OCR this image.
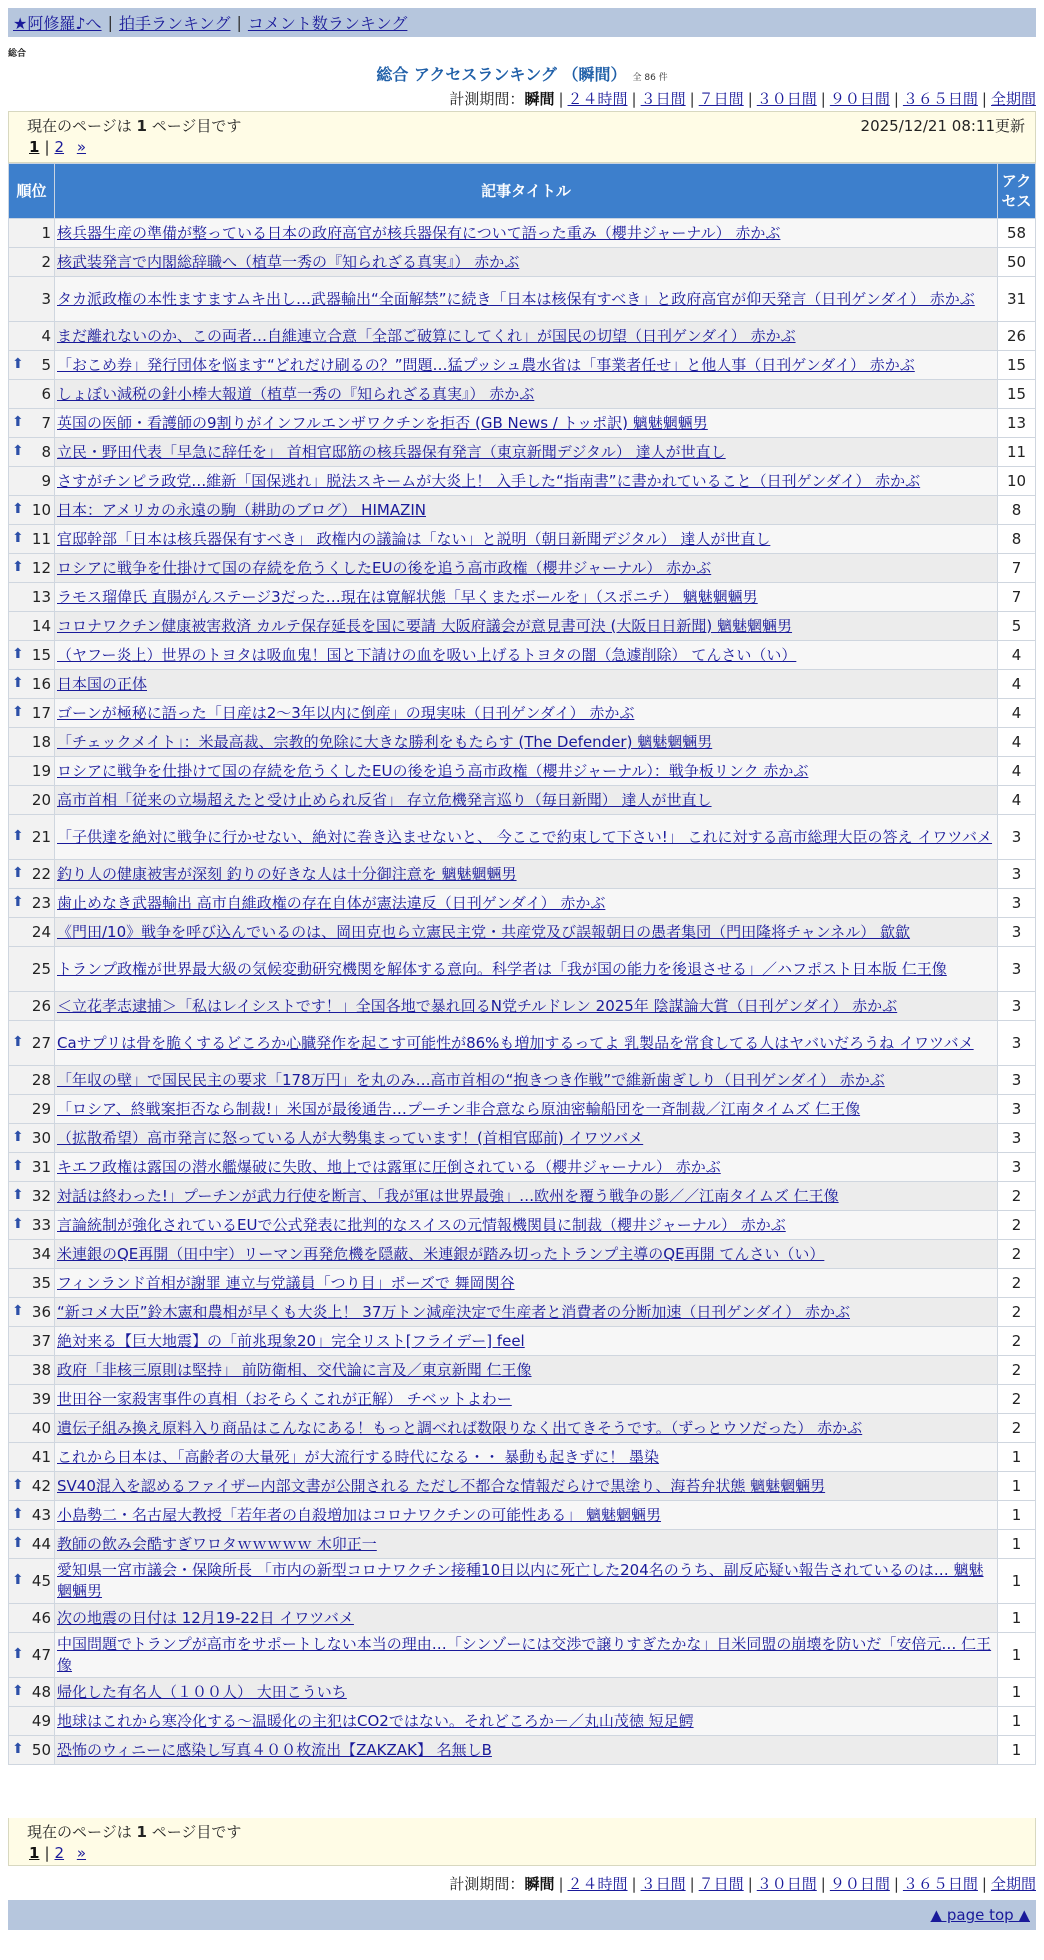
★阿修羅♪へ | 拍手ランキング | コメント数ランキング
総合
総合 アクセスランキング （瞬間） 全 86 件
計測期間：瞬間 | ２４時間 | ３日間 | ７日間 | ３０日間 | ９０日間 | ３６５日間 | 全期間
現在のページは 1 ページ目です	2025/12/21 08:11更新
1 | 2 »
順位	記事タイトル	アクセス
1	核兵器生産の準備が整っている日本の政府高官が核兵器保有について語った重み（櫻井ジャーナル） 赤かぶ	58
2	核武装発言で内閣総辞職へ（植草一秀の『知られざる真実』） 赤かぶ	50
3	タカ派政権の本性ますますムキ出し…武器輸出“全面解禁”に続き「日本は核保有すべき」と政府高官が仰天発言（日刊ゲンダイ） 赤かぶ	31
4	まだ離れないのか、この両者…自維連立合意「全部ご破算にしてくれ」が国民の切望（日刊ゲンダイ） 赤かぶ	26

⬆ 5	「おこめ券」発行団体を悩ます“どれだけ刷るの？”問題…猛プッシュ農水省は「事業者任せ」と他人事（日刊ゲンダイ） 赤かぶ	15
6	しょぼい減税の針小棒大報道（植草一秀の『知られざる真実』） 赤かぶ	15

⬆ 7	英国の医師・看護師の9割りがインフルエンザワクチンを拒否 (GB News / トッポ訳) 魑魅魍魎男	13

⬆ 8	立民・野田代表「早急に辞任を」 首相官邸筋の核兵器保有発言（東京新聞デジタル） 達人が世直し	11
9	さすがチンピラ政党…維新「国保逃れ」脱法スキームが大炎上！ 入手した“指南書”に書かれていること（日刊ゲンダイ） 赤かぶ	10

⬆ 10	日本：アメリカの永遠の駒（耕助のブログ） HIMAZIN	8

⬆ 11	官邸幹部「日本は核兵器保有すべき」 政権内の議論は「ない」と説明（朝日新聞デジタル） 達人が世直し	8

⬆ 12	ロシアに戦争を仕掛けて国の存続を危うくしたEUの後を追う高市政権（櫻井ジャーナル） 赤かぶ	7
13	ラモス瑠偉氏 直腸がんステージ3だった…現在は寛解状態「早くまたボールを」（スポニチ） 魑魅魍魎男	7
14	コロナワクチン健康被害救済 カルテ保存延長を国に要請 大阪府議会が意見書可決 (大阪日日新聞) 魑魅魍魎男	5

⬆ 15	（ヤフー炎上）世界のトヨタは吸血鬼！国と下請けの血を吸い上げるトヨタの闇（急遽削除） てんさい（い）	4

⬆ 16	日本国の正体	4

⬆ 17	ゴーンが極秘に語った「日産は2～3年以内に倒産」の現実味（日刊ゲンダイ） 赤かぶ	4
18	「チェックメイト」：米最高裁、宗教的免除に大きな勝利をもたらす (The Defender) 魑魅魍魎男	4
19	ロシアに戦争を仕掛けて国の存続を危うくしたEUの後を追う高市政権（櫻井ジャーナル）：戦争板リンク 赤かぶ	4
20	高市首相「従来の立場超えたと受け止められ反省」 存立危機発言巡り（毎日新聞） 達人が世直し	4

⬆ 21	「子供達を絶対に戦争に行かせない、絶対に巻き込ませないと、 今ここで約束して下さい!」 これに対する高市総理大臣の答え イワツバメ	3

⬆ 22	釣り人の健康被害が深刻 釣りの好きな人は十分御注意を 魑魅魍魎男	3

⬆ 23	歯止めなき武器輸出 高市自維政権の存在自体が憲法違反（日刊ゲンダイ） 赤かぶ	3
24	《門田/10》戦争を呼び込んでいるのは、岡田克也ら立憲民主党・共産党及び誤報朝日の愚者集団（門田隆将チャンネル） 歙歙	3
25	トランプ政権が世界最大級の気候変動研究機関を解体する意向。科学者は「我が国の能力を後退させる」／ハフポスト日本版 仁王像	3
26	＜立花孝志逮捕＞「私はレイシストです！」全国各地で暴れ回るN党チルドレン 2025年 陰謀論大賞（日刊ゲンダイ） 赤かぶ	3

⬆ 27	Caサプリは骨を脆くするどころか心臓発作を起こす可能性が86%も増加するってよ 乳製品を常食してる人はヤバいだろうね イワツバメ	3
28	「年収の壁」で国民民主の要求「178万円」を丸のみ…高市首相の“抱きつき作戦”で維新歯ぎしり（日刊ゲンダイ） 赤かぶ	3
29	「ロシア、終戦案拒否なら制裁!」米国が最後通告…プーチン非合意なら原油密輸船団を一斉制裁／江南タイムズ 仁王像	3

⬆ 30	（拡散希望）高市発言に怒っている人が大勢集まっています！(首相官邸前) イワツバメ	3

⬆ 31	キエフ政権は露国の潜水艦爆破に失敗、地上では露軍に圧倒されている（櫻井ジャーナル） 赤かぶ	3

⬆ 32	対話は終わった!」プーチンが武力行使を断言、「我が軍は世界最強」…欧州を覆う戦争の影／／江南タイムズ 仁王像	2

⬆ 33	言論統制が強化されているEUで公式発表に批判的なスイスの元情報機関員に制裁（櫻井ジャーナル） 赤かぶ	2
34	米連銀のQE再開（田中宇）リーマン再発危機を隠蔽、米連銀が踏み切ったトランプ主導のQE再開 てんさい（い）	2
35	フィンランド首相が謝罪 連立与党議員「つり目」ポーズで 舞岡関谷	2

⬆ 36	“新コメ大臣”鈴木憲和農相が早くも大炎上！ 37万トン減産決定で生産者と消費者の分断加速（日刊ゲンダイ） 赤かぶ	2
37	絶対来る【巨大地震】の「前兆現象20」完全リスト[フライデー] feel	2
38	政府「非核三原則は堅持」 前防衛相、交代論に言及／東京新聞 仁王像	2
39	世田谷一家殺害事件の真相（おそらくこれが正解） チベットよわー	2
40	遺伝子組み換え原料入り商品はこんなにある！もっと調べれば数限りなく出てきそうです。（ずっとウソだった） 赤かぶ	2
41	これから日本は、「高齢者の大量死」が大流行する時代になる・・ 暴動も起きずに！ 墨染	1

⬆ 42	SV40混入を認めるファイザー内部文書が公開される ただし不都合な情報だらけで黒塗り、海苔弁状態 魑魅魍魎男	1

⬆ 43	小島勢二・名古屋大教授「若年者の自殺増加はコロナワクチンの可能性ある」 魑魅魍魎男	1

⬆ 44	教師の飲み会酷すぎワロタｗｗｗｗｗ 木卯正一	1

⬆ 45	愛知県一宮市議会・保険所長 「市内の新型コロナワクチン接種10日以内に死亡した204名のうち、副反応疑い報告されているのは… 魑魅魍魎男	1
46	次の地震の日付は 12月19-22日 イワツバメ	1

⬆ 47	中国問題でトランプが高市をサポートしない本当の理由…「シンゾーには交渉で譲りすぎたかな」日米同盟の崩壊を防いだ「安倍元… 仁王像	1

⬆ 48	帰化した有名人（１００人） 大田こういち	1
49	地球はこれから寒冷化する～温暖化の主犯はCO2ではない。それどころか－／丸山茂徳 短足鰐	1

⬆ 50	恐怖のウィニーに感染し写真４００枚流出【ZAKZAK】 名無しB	1
現在のページは 1 ページ目です
1 | 2 »
計測期間：瞬間 | ２４時間 | ３日間 | ７日間 | ３０日間 | ９０日間 | ３６５日間 | 全期間
▲ page top ▲
